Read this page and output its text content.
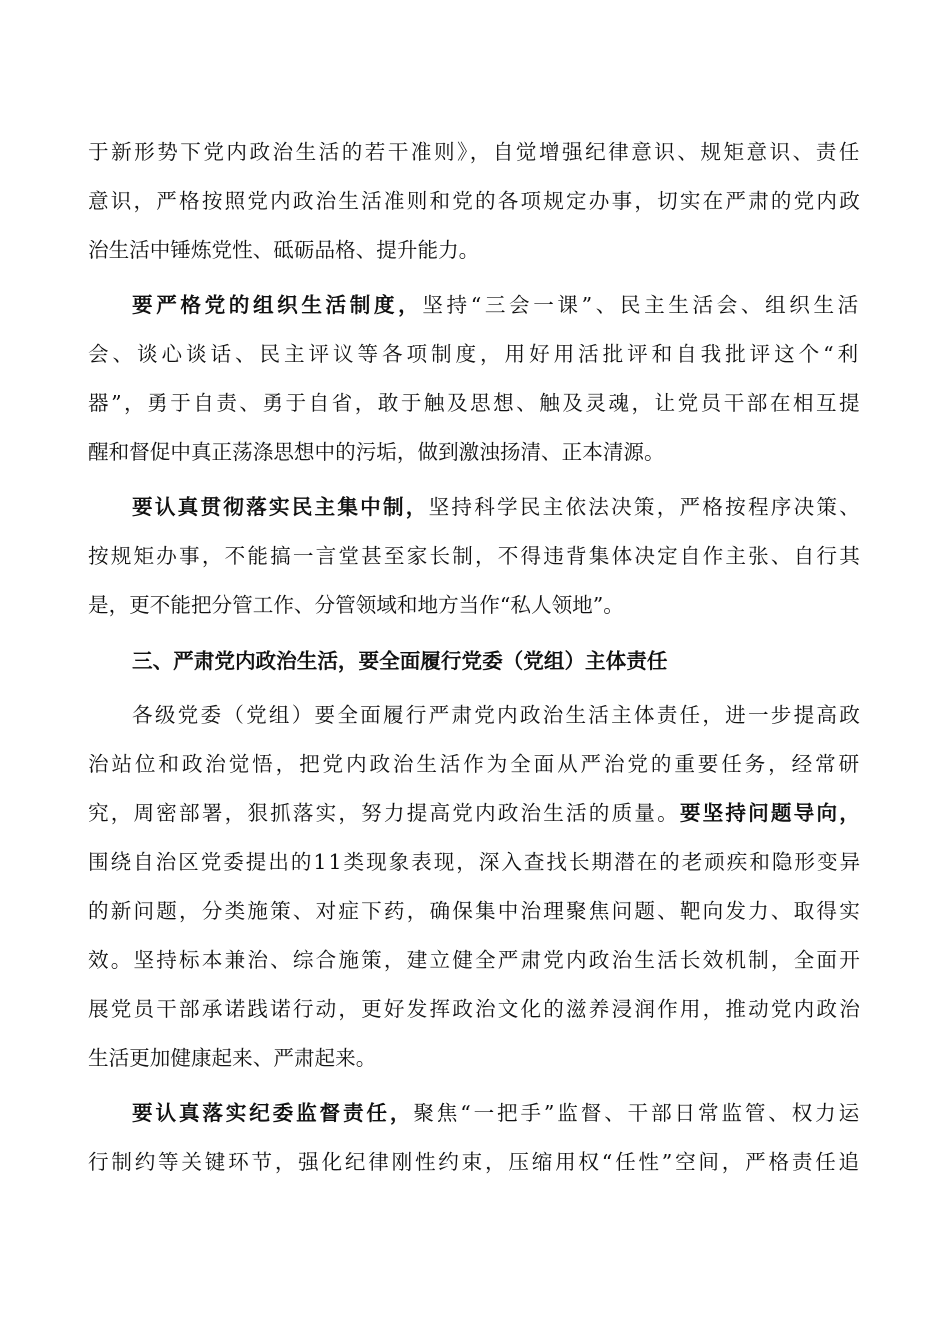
于新形势下党内政治生活的若干准则》，自觉增强纪律意识、规矩意识、责任
意识，严格按照党内政治生活准则和党的各项规定办事，切实在严肃的党内政
治生活中锤炼党性、砥砺品格、提升能力。
要严格党的组织生活制度，坚持“三会一课”、民主生活会、组织生活
会、谈心谈话、民主评议等各项制度，用好用活批评和自我批评这个“利
器”，勇于自责、勇于自省，敢于触及思想、触及灵魂，让党员干部在相互提
醒和督促中真正荡涤思想中的污垢，做到激浊扬清、正本清源。
要认真贯彻落实民主集中制，坚持科学民主依法决策，严格按程序决策、
按规矩办事，不能搞一言堂甚至家长制，不得违背集体决定自作主张、自行其
是，更不能把分管工作、分管领域和地方当作“私人领地”。
三、严肃党内政治生活，要全面履行党委（党组）主体责任
各级党委（党组）要全面履行严肃党内政治生活主体责任，进一步提高政
治站位和政治觉悟，把党内政治生活作为全面从严治党的重要任务，经常研
究，周密部署，狠抓落实，努力提高党内政治生活的质量。要坚持问题导向，
围绕自治区党委提出的11类现象表现，深入查找长期潜在的老顽疾和隐形变异
的新问题，分类施策、对症下药，确保集中治理聚焦问题、靶向发力、取得实
效。坚持标本兼治、综合施策，建立健全严肃党内政治生活长效机制，全面开
展党员干部承诺践诺行动，更好发挥政治文化的滋养浸润作用，推动党内政治
生活更加健康起来、严肃起来。
要认真落实纪委监督责任，聚焦“一把手”监督、干部日常监管、权力运
行制约等关键环节，强化纪律刚性约束，压缩用权“任性”空间，严格责任追
